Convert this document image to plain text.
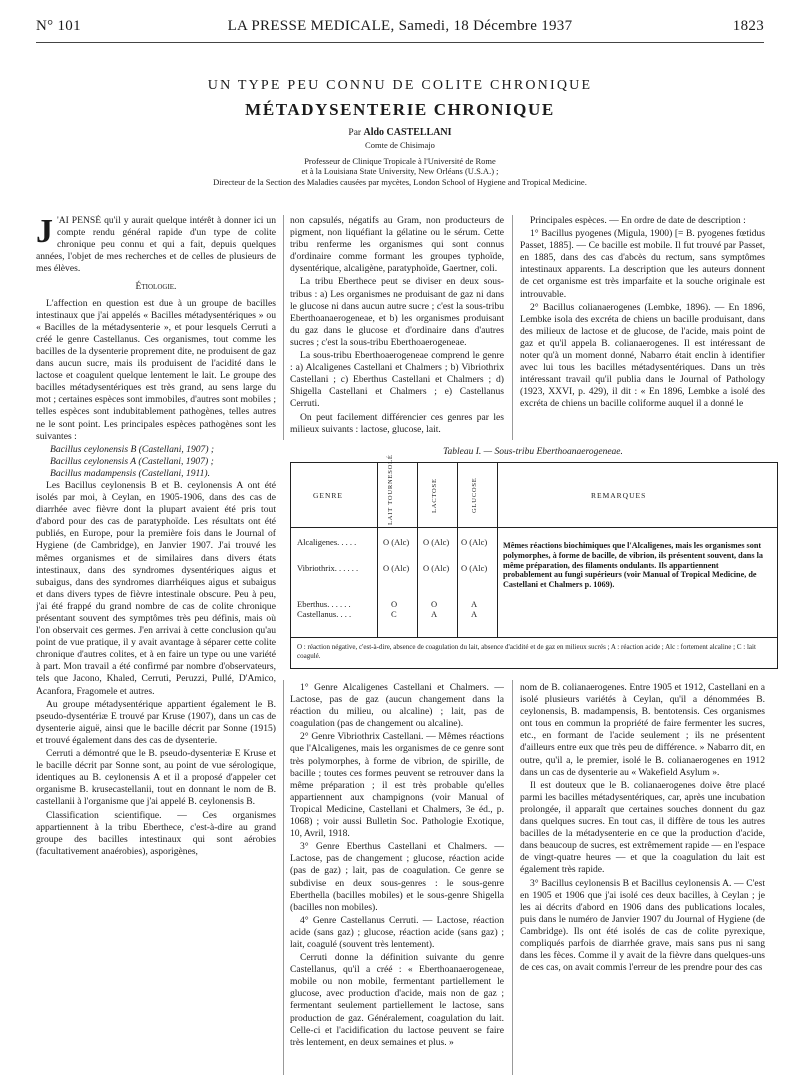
N° 101	LA PRESSE MEDICALE, Samedi, 18 Décembre 1937	1823
UN TYPE PEU CONNU DE COLITE CHRONIQUE
MÉTADYSENTERIE CHRONIQUE
Par Aldo CASTELLANI
Comte de Chisimajo
Professeur de Clinique Tropicale à l'Université de Rome
et à la Louisiana State University, New Orléans (U.S.A.) ;
Directeur de la Section des Maladies causées par mycètes, London School of Hygiene and Tropical Medicine.

J 'AI PENSÉ qu'il y aurait quelque intérêt à donner ici un compte rendu général rapide d'un type de colite chronique peu connu et qui a fait, depuis quelques années, l'objet de mes recherches et de celles de plusieurs de mes élèves.

Étiologie.

L'affection en question est due à un groupe de bacilles intestinaux que j'ai appelés « Bacilles métadysentériques » ou « Bacilles de la métadysenterie », et pour lesquels Cerruti a créé le genre Castellanus. Ces organismes, tout comme les bacilles de la dysenterie proprement dite, ne produisent de gaz dans aucun sucre, mais ils produisent de l'acidité dans le lactose et coagulent quelque lentement le lait. Le groupe des bacilles métadysentériques est très grand, au sens large du mot ; certaines espèces sont immobiles, d'autres sont mobiles ; telles espèces sont indubitablement pathogènes, telles autres ne le sont point. Les principales espèces pathogènes sont les suivantes :

Bacillus ceylonensis B (Castellani, 1907) ;

Bacillus ceylonensis A (Castellani, 1907) ;

Bacillus madampensis (Castellani, 1911).

Les Bacillus ceylonensis B et B. ceylonensis A ont été isolés par moi, à Ceylan, en 1905-1906, dans des cas de diarrhée avec fièvre dont la plupart avaient été pris tout d'abord pour des cas de paratyphoïde. Les résultats ont été publiés, en Europe, pour la première fois dans le Journal of Hygiene (de Cambridge), en Janvier 1907. J'ai trouvé les mêmes organismes et de similaires dans divers états intestinaux, dans des syndromes dysentériques aigus et subaigus, dans des syndromes diarrhéiques aigus et subaigus et dans divers types de fièvre intestinale obscure. Peu à peu, j'ai été frappé du grand nombre de cas de colite chronique présentant souvent des symptômes très peu définis, mais où l'on observait ces germes. J'en arrivai à cette conclusion qu'au point de vue pratique, il y avait avantage à séparer cette colite chronique d'autres colites, et à en faire un type ou une variété à part. Mon travail a été confirmé par nombre d'observateurs, tels que Jacono, Khaled, Cerruti, Peruzzi, Pullé, D'Amico, Acanfora, Fragomele et autres.

Au groupe métadysentérique appartient également le B. pseudo-dysentériæ E trouvé par Kruse (1907), dans un cas de dysenterie aiguë, ainsi que le bacille décrit par Sonne (1915) et trouvé également dans des cas de dysenterie.

Cerruti a démontré que le B. pseudo-dysenteriæ E Kruse et le bacille décrit par Sonne sont, au point de vue sérologique, identiques au B. ceylonensis A et il a proposé d'appeler cet organisme B. krusecastellanii, tout en donnant le nom de B. castellanii à l'organisme que j'ai appelé B. ceylonensis B.

Classification scientifique. — Ces organismes appartiennent à la tribu Eberthece, c'est-à-dire au grand groupe des bacilles intestinaux qui sont aérobies (facultativement anaérobies), asporigènes,

non capsulés, négatifs au Gram, non producteurs de pigment, non liquéfiant la gélatine ou le sérum. Cette tribu renferme les organismes qui sont connus d'ordinaire comme formant les groupes typhoïde, dysentérique, alcaligène, paratyphoïde, Gaertner, coli.

La tribu Eberthece peut se diviser en deux sous-tribus : a) Les organismes ne produisant de gaz ni dans le glucose ni dans aucun autre sucre ; c'est la sous-tribu Eberthoanaerogeneae, et b) les organismes produisant du gaz dans le glucose et d'ordinaire dans d'autres sucres ; c'est la sous-tribu Eberthoaerogeneae.

La sous-tribu Eberthoaerogeneae comprend le genre : a) Alcaligenes Castellani et Chalmers ; b) Vibriothrix Castellani ; c) Eberthus Castellani et Chalmers ; d) Shigella Castellani et Chalmers ; e) Castellanus Cerruti.

On peut facilement différencier ces genres par les milieux suivants : lactose, glucose, lait.

Principales espèces. — En ordre de date de description :

1° Bacillus pyogenes (Migula, 1900) [= B. pyogenes fœtidus Passet, 1885]. — Ce bacille est mobile. Il fut trouvé par Passet, en 1885, dans des cas d'abcès du rectum, sans symptômes intestinaux apparents. La description que les auteurs donnent de cet organisme est très imparfaite et la souche originale est introuvable.

2° Bacillus colianaerogenes (Lembke, 1896). — En 1896, Lembke isola des excréta de chiens un bacille produisant, dans des milieux de lactose et de glucose, de l'acide, mais point de gaz et qu'il appela B. colianaerogenes. Il est intéressant de noter qu'à un moment donné, Nabarro était enclin à identifier avec lui tous les bacilles métadysentériques. Dans un très intéressant travail qu'il publia dans le Journal of Pathology (1923, XXVI, p. 429), il dit : « En 1896, Lembke a isolé des excréta de chiens un bacille coliforme auquel il a donné le

Tableau I. — Sous-tribu Eberthoanaerogeneae.
GENRE	LAIT TOURNESOLÉ	LACTOSE	GLUCOSE	REMARQUES
Alcaligenes. . . . .	O (Alc) O (Alc) O (Alc)
Vibriothrix. . . . . .	O (Alc) O (Alc) O (Alc)
Eberthus. . . . . .	O	O	A
Castellanus. . . .	C	A	A
Mêmes réactions biochimiques que l'Alcaligenes, mais les organismes sont polymorphes, à forme de bacille, de vibrion, ils présentent souvent, dans la même préparation, des filaments ondulants. Ils appartiennent probablement au fungi supérieurs (voir Manual of Tropical Medicine, de Castellani et Chalmers p. 1069).
O : réaction négative, c'est-à-dire, absence de coagulation du lait, absence d'acidité et de gaz en milieux sucrés ; A : réaction acide ; Alc : fortement alcaline ; C : lait coagulé.

1° Genre Alcaligenes Castellani et Chalmers. — Lactose, pas de gaz (aucun changement dans la réaction du milieu, ou alcaline) ; lait, pas de coagulation (pas de changement ou alcaline).

2° Genre Vibriothrix Castellani. — Mêmes réactions que l'Alcaligenes, mais les organismes de ce genre sont très polymorphes, à forme de vibrion, de spirille, de bacille ; toutes ces formes peuvent se retrouver dans la même préparation ; il est très probable qu'elles appartiennent aux champignons (voir Manual of Tropical Medicine, Castellani et Chalmers, 3e éd., p. 1068) ; voir aussi Bulletin Soc. Pathologie Exotique, 10, Avril, 1918.

3° Genre Eberthus Castellani et Chalmers. — Lactose, pas de changement ; glucose, réaction acide (pas de gaz) ; lait, pas de coagulation. Ce genre se subdivise en deux sous-genres : le sous-genre Eberthella (bacilles mobiles) et le sous-genre Shigella (bacilles non mobiles).

4° Genre Castellanus Cerruti. — Lactose, réaction acide (sans gaz) ; glucose, réaction acide (sans gaz) ; lait, coagulé (souvent très lentement).

Cerruti donne la définition suivante du genre Castellanus, qu'il a créé : « Eberthoanaerogeneae, mobile ou non mobile, fermentant partiellement le glucose, avec production d'acide, mais non de gaz ; fermentant seulement partiellement le lactose, sans production de gaz. Généralement, coagulation du lait. Celle-ci et l'acidification du lactose peuvent se faire très lentement, en deux semaines et plus. »

nom de B. colianaerogenes. Entre 1905 et 1912, Castellani en a isolé plusieurs variétés à Ceylan, qu'il a dénommées B. ceylonensis, B. madampensis, B. bentotensis. Ces organismes ont tous en commun la propriété de faire fermenter les sucres, etc., en formant de l'acide seulement ; ils ne présentent d'ailleurs entre eux que très peu de différence. » Nabarro dit, en outre, qu'il a, le premier, isolé le B. colianaerogenes en 1912 dans un cas de dysenterie au « Wakefield Asylum ».

Il est douteux que le B. colianaerogenes doive être placé parmi les bacilles métadysentériques, car, après une incubation prolongée, il apparaît que certaines souches donnent du gaz dans quelques sucres. En tout cas, il diffère de tous les autres bacilles de la métadysenterie en ce que la production d'acide, dans beaucoup de sucres, est extrêmement rapide — en l'espace de vingt-quatre heures — et que la coagulation du lait est également très rapide.

3° Bacillus ceylonensis B et Bacillus ceylonensis A. — C'est en 1905 et 1906 que j'ai isolé ces deux bacilles, à Ceylan ; je les ai décrits d'abord en 1906 dans des publications locales, puis dans le numéro de Janvier 1907 du Journal of Hygiene (de Cambridge). Ils ont été isolés de cas de colite pyrexique, compliqués parfois de diarrhée grave, mais sans pus ni sang dans les fèces. Comme il y avait de la fièvre dans quelques-uns de ces cas, on avait commis l'erreur de les prendre pour des cas
